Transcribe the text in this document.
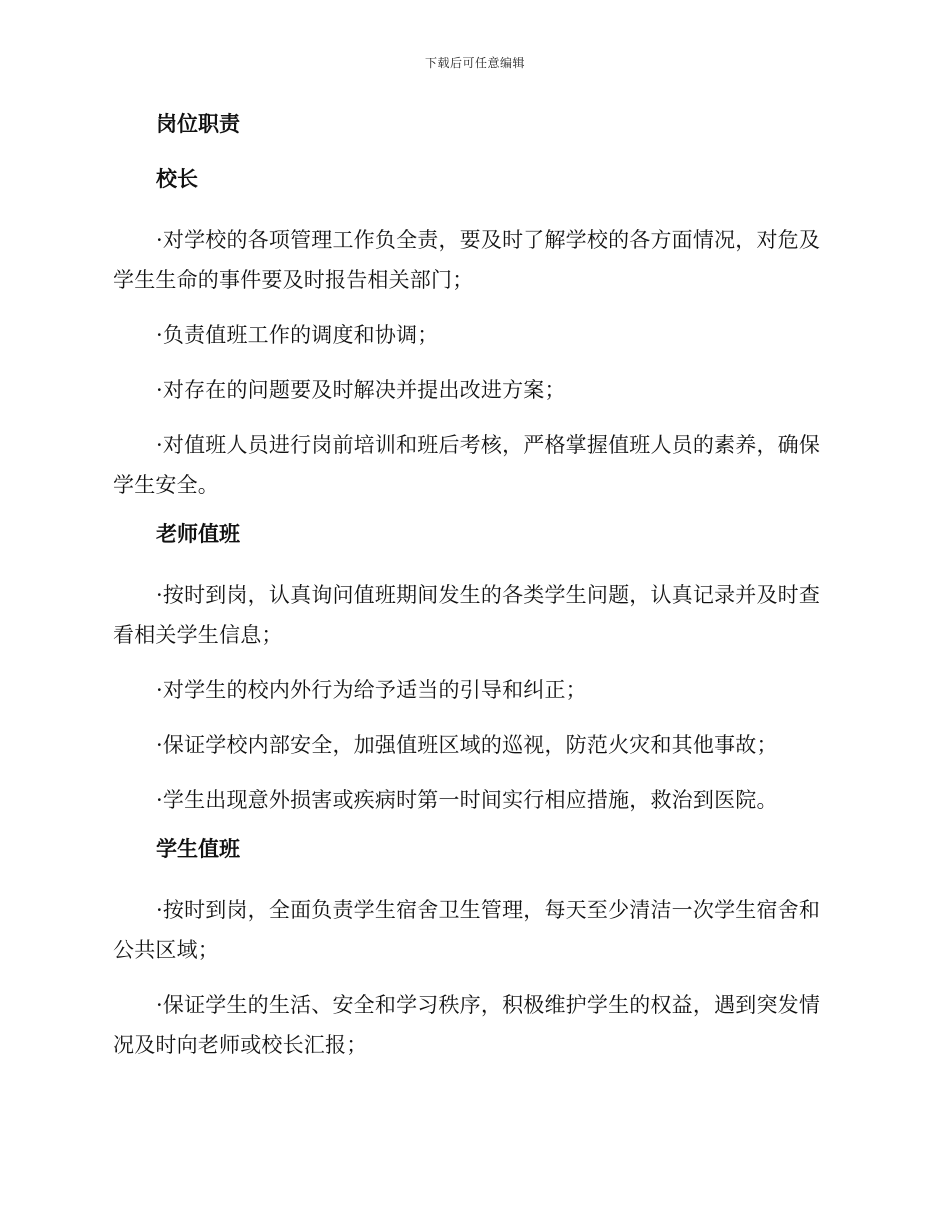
下载后可任意编辑
岗位职责
校长

·对学校的各项管理工作负全责，要及时了解学校的各方面情况，对危及学生生命的事件要及时报告相关部门；

·负责值班工作的调度和协调；

·对存在的问题要及时解决并提出改进方案；

·对值班人员进行岗前培训和班后考核，严格掌握值班人员的素养，确保学生安全。

老师值班

·按时到岗，认真询问值班期间发生的各类学生问题，认真记录并及时查看相关学生信息；

·对学生的校内外行为给予适当的引导和纠正；

·保证学校内部安全，加强值班区域的巡视，防范火灾和其他事故；

·学生出现意外损害或疾病时第一时间实行相应措施，救治到医院。

学生值班

·按时到岗，全面负责学生宿舍卫生管理，每天至少清洁一次学生宿舍和公共区域；

·保证学生的生活、安全和学习秩序，积极维护学生的权益，遇到突发情况及时向老师或校长汇报；
